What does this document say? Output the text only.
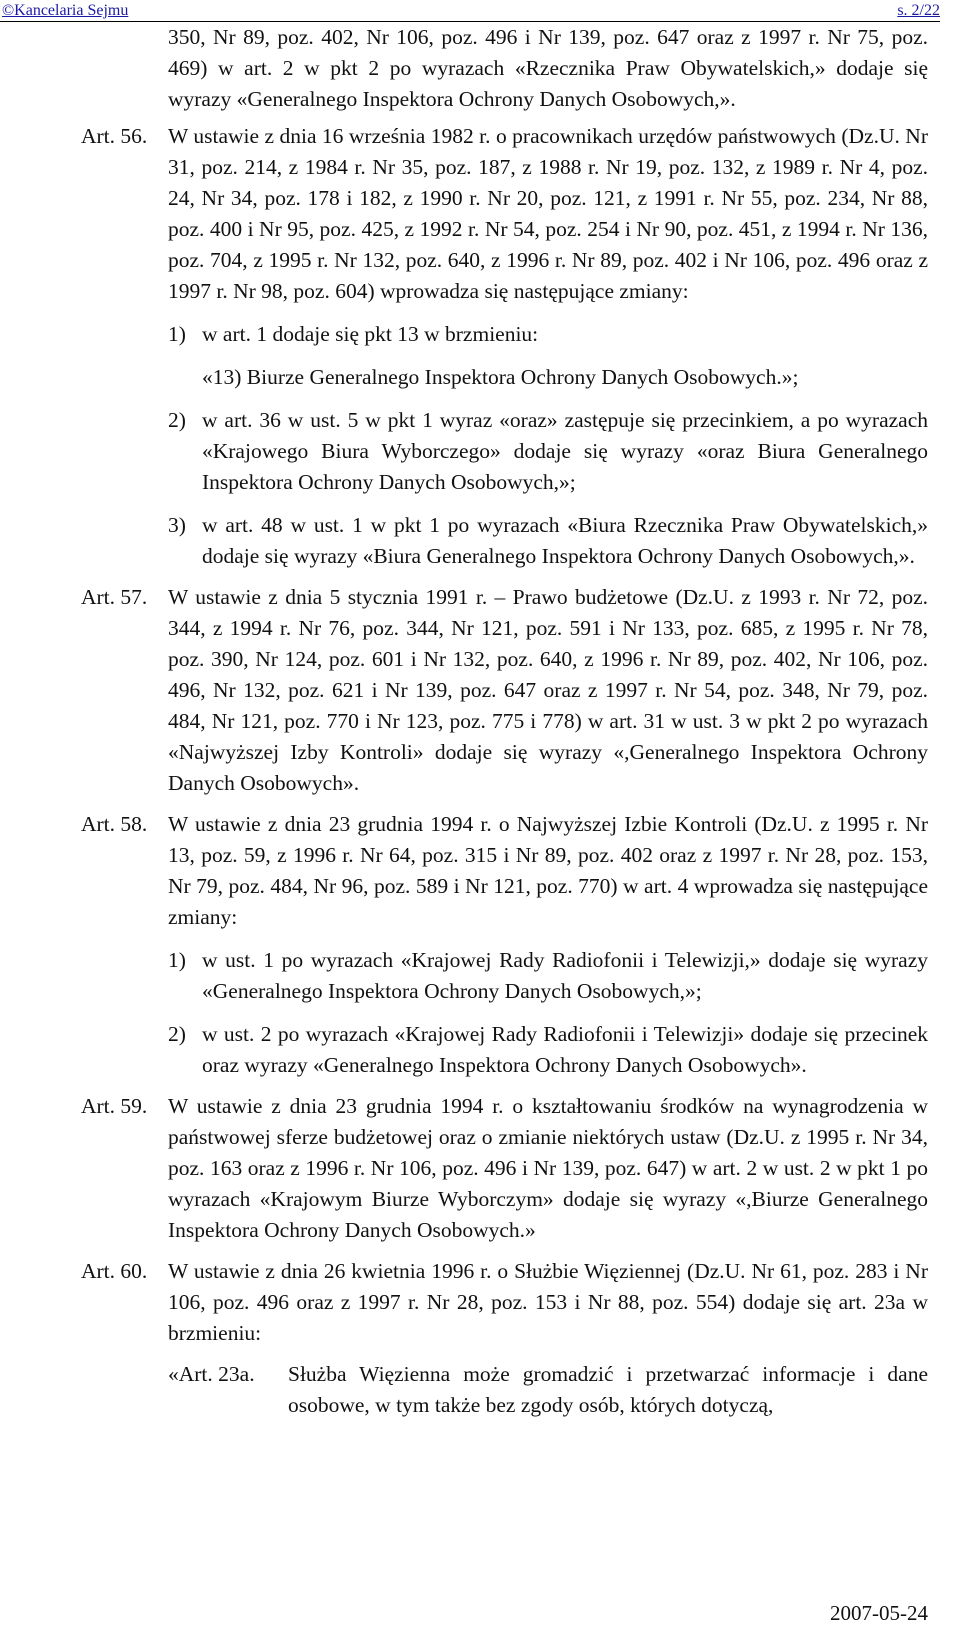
©Kancelaria Sejmu	s. 2/22
350, Nr 89, poz. 402, Nr 106, poz. 496 i Nr 139, poz. 647 oraz z 1997 r. Nr 75, poz. 469) w art. 2 w pkt 2 po wyrazach «Rzecznika Praw Obywatelskich,» dodaje się wyrazy «Generalnego Inspektora Ochrony Danych Osobowych,».
Art. 56. W ustawie z dnia 16 września 1982 r. o pracownikach urzędów państwowych (Dz.U. Nr 31, poz. 214, z 1984 r. Nr 35, poz. 187, z 1988 r. Nr 19, poz. 132, z 1989 r. Nr 4, poz. 24, Nr 34, poz. 178 i 182, z 1990 r. Nr 20, poz. 121, z 1991 r. Nr 55, poz. 234, Nr 88, poz. 400 i Nr 95, poz. 425, z 1992 r. Nr 54, poz. 254 i Nr 90, poz. 451, z 1994 r. Nr 136, poz. 704, z 1995 r. Nr 132, poz. 640, z 1996 r. Nr 89, poz. 402 i Nr 106, poz. 496 oraz z 1997 r. Nr 98, poz. 604) wprowadza się następujące zmiany:
1) w art. 1 dodaje się pkt 13 w brzmieniu:
«13) Biurze Generalnego Inspektora Ochrony Danych Osobowych.»;
2) w art. 36 w ust. 5 w pkt 1 wyraz «oraz» zastępuje się przecinkiem, a po wyrazach «Krajowego Biura Wyborczego» dodaje się wyrazy «oraz Biura Generalnego Inspektora Ochrony Danych Osobowych,»;
3) w art. 48 w ust. 1 w pkt 1 po wyrazach «Biura Rzecznika Praw Obywatelskich,» dodaje się wyrazy «Biura Generalnego Inspektora Ochrony Danych Osobowych,».
Art. 57. W ustawie z dnia 5 stycznia 1991 r. – Prawo budżetowe (Dz.U. z 1993 r. Nr 72, poz. 344, z 1994 r. Nr 76, poz. 344, Nr 121, poz. 591 i Nr 133, poz. 685, z 1995 r. Nr 78, poz. 390, Nr 124, poz. 601 i Nr 132, poz. 640, z 1996 r. Nr 89, poz. 402, Nr 106, poz. 496, Nr 132, poz. 621 i Nr 139, poz. 647 oraz z 1997 r. Nr 54, poz. 348, Nr 79, poz. 484, Nr 121, poz. 770 i Nr 123, poz. 775 i 778) w art. 31 w ust. 3 w pkt 2 po wyrazach «Najwyższej Izby Kontroli» dodaje się wyrazy «,Generalnego Inspektora Ochrony Danych Osobowych».
Art. 58. W ustawie z dnia 23 grudnia 1994 r. o Najwyższej Izbie Kontroli (Dz.U. z 1995 r. Nr 13, poz. 59, z 1996 r. Nr 64, poz. 315 i Nr 89, poz. 402 oraz z 1997 r. Nr 28, poz. 153, Nr 79, poz. 484, Nr 96, poz. 589 i Nr 121, poz. 770) w art. 4 wprowadza się następujące zmiany:
1) w ust. 1 po wyrazach «Krajowej Rady Radiofonii i Telewizji,» dodaje się wyrazy «Generalnego Inspektora Ochrony Danych Osobowych,»;
2) w ust. 2 po wyrazach «Krajowej Rady Radiofonii i Telewizji» dodaje się przecinek oraz wyrazy «Generalnego Inspektora Ochrony Danych Osobowych».
Art. 59. W ustawie z dnia 23 grudnia 1994 r. o kształtowaniu środków na wynagrodzenia w państwowej sferze budżetowej oraz o zmianie niektórych ustaw (Dz.U. z 1995 r. Nr 34, poz. 163 oraz z 1996 r. Nr 106, poz. 496 i Nr 139, poz. 647) w art. 2 w ust. 2 w pkt 1 po wyrazach «Krajowym Biurze Wyborczym» dodaje się wyrazy «,Biurze Generalnego Inspektora Ochrony Danych Osobowych.»
Art. 60. W ustawie z dnia 26 kwietnia 1996 r. o Służbie Więziennej (Dz.U. Nr 61, poz. 283 i Nr 106, poz. 496 oraz z 1997 r. Nr 28, poz. 153 i Nr 88, poz. 554) dodaje się art. 23a w brzmieniu:
«Art. 23a. Służba Więzienna może gromadzić i przetwarzać informacje i dane osobowe, w tym także bez zgody osób, których dotyczą,
2007-05-24
